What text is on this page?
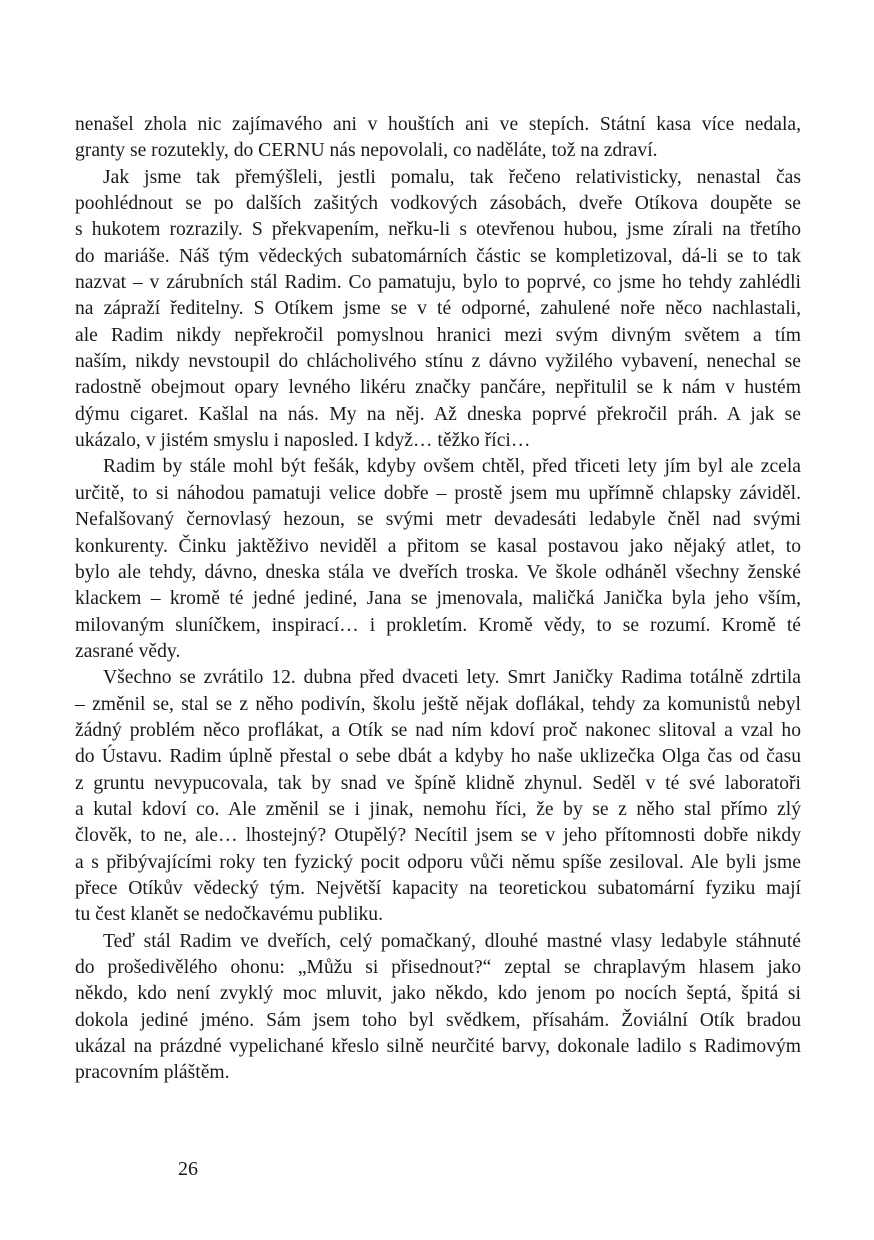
nenašel zhola nic zajímavého ani v houštích ani ve stepích. Státní kasa více nedala,
granty se rozutekly, do CERNU nás nepovolali, co naděláte, tož na zdraví.
Jak jsme tak přemýšleli, jestli pomalu, tak řečeno relativisticky, nenastal čas
poohlédnout se po dalších zašitých vodkových zásobách, dveře Otíkova doupěte se
s hukotem rozrazily. S překvapením, neřku-li s otevřenou hubou, jsme zírali na třetího
do mariáše. Náš tým vědeckých subatomárních částic se kompletizoval, dá-li se to tak
nazvat – v zárubních stál Radim. Co pamatuju, bylo to poprvé, co jsme ho tehdy zahlédli
na zápraží ředitelny. S Otíkem jsme se v té odporné, zahulené noře něco nachlastali,
ale Radim nikdy nepřekročil pomyslnou hranici mezi svým divným světem a tím
naším, nikdy nevstoupil do chlácholivého stínu z dávno vyžilého vybavení, nenechal se
radostně obejmout opary levného likéru značky pančáre, nepřitulil se k nám v hustém
dýmu cigaret. Kašlal na nás. My na něj. Až dneska poprvé překročil práh. A jak se
ukázalo, v jistém smyslu i naposled. I když… těžko říci…
Radim by stále mohl být fešák, kdyby ovšem chtěl, před třiceti lety jím byl ale zcela
určitě, to si náhodou pamatuji velice dobře – prostě jsem mu upřímně chlapsky záviděl.
Nefalšovaný černovlasý hezoun, se svými metr devadesáti ledabyle čněl nad svými
konkurenty. Činku jaktěživo neviděl a přitom se kasal postavou jako nějaký atlet, to
bylo ale tehdy, dávno, dneska stála ve dveřích troska. Ve škole odháněl všechny ženské
klackem – kromě té jedné jediné, Jana se jmenovala, maličká Janička byla jeho vším,
milovaným sluníčkem, inspirací… i prokletím. Kromě vědy, to se rozumí. Kromě té
zasrané vědy.
Všechno se zvrátilo 12. dubna před dvaceti lety. Smrt Janičky Radima totálně zdrtila
– změnil se, stal se z něho podivín, školu ještě nějak doflákal, tehdy za komunistů nebyl
žádný problém něco proflákat, a Otík se nad ním kdoví proč nakonec slitoval a vzal ho
do Ústavu. Radim úplně přestal o sebe dbát a kdyby ho naše uklizečka Olga čas od času
z gruntu nevypucovala, tak by snad ve špíně klidně zhynul. Seděl v té své laboratoři
a kutal kdoví co. Ale změnil se i jinak, nemohu říci, že by se z něho stal přímo zlý
člověk, to ne, ale… lhostejný? Otupělý? Necítil jsem se v jeho přítomnosti dobře nikdy
a s přibývajícími roky ten fyzický pocit odporu vůči němu spíše zesiloval. Ale byli jsme
přece Otíkův vědecký tým. Největší kapacity na teoretickou subatomární fyziku mají
tu čest klanět se nedočkavému publiku.
Teď stál Radim ve dveřích, celý pomačkaný, dlouhé mastné vlasy ledabyle stáhnuté
do prošedivělého ohonu: „Můžu si přisednout?“ zeptal se chraplavým hlasem jako
někdo, kdo není zvyklý moc mluvit, jako někdo, kdo jenom po nocích šeptá, špitá si
dokola jediné jméno. Sám jsem toho byl svědkem, přísahám. Žoviální Otík bradou
ukázal na prázdné vypelichané křeslo silně neurčité barvy, dokonale ladilo s Radimovým
pracovním pláštěm.
26
